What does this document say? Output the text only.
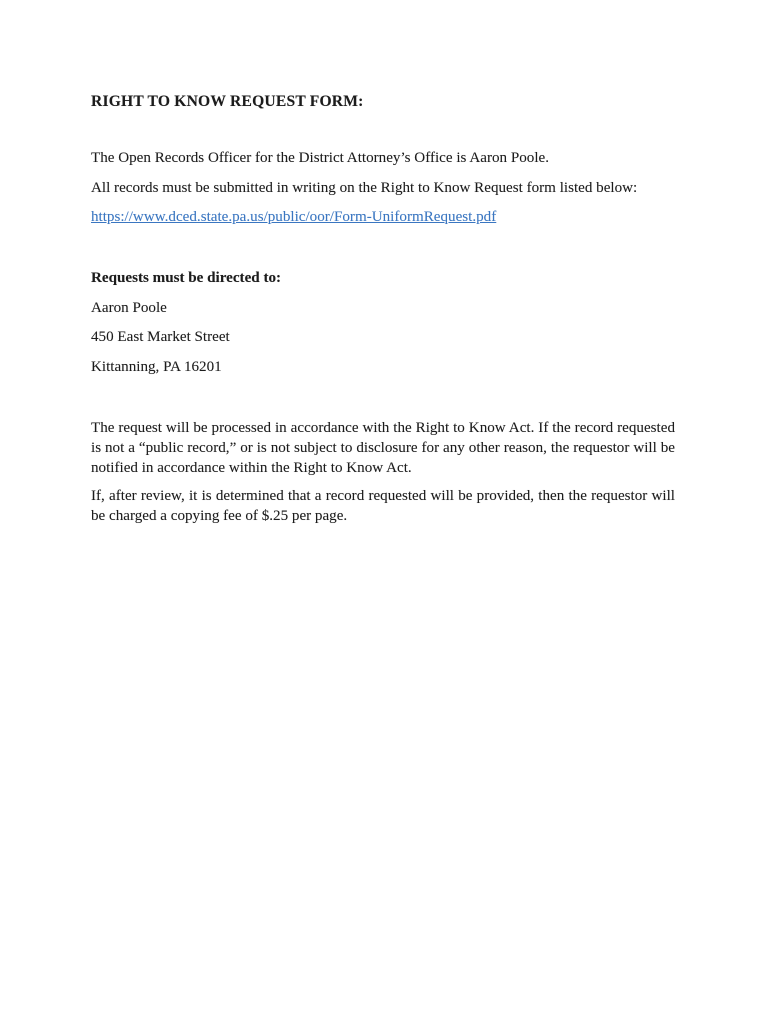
RIGHT TO KNOW REQUEST FORM:

The Open Records Officer for the District Attorney’s Office is Aaron Poole.

All records must be submitted in writing on the Right to Know Request form listed below:

https://www.dced.state.pa.us/public/oor/Form-UniformRequest.pdf

Requests must be directed to:

Aaron Poole

450 East Market Street

Kittanning, PA 16201

The request will be processed in accordance with the Right to Know Act. If the record requested is not a “public record,” or is not subject to disclosure for any other reason, the requestor will be notified in accordance within the Right to Know Act.

If, after review, it is determined that a record requested will be provided, then the requestor will be charged a copying fee of $.25 per page.
